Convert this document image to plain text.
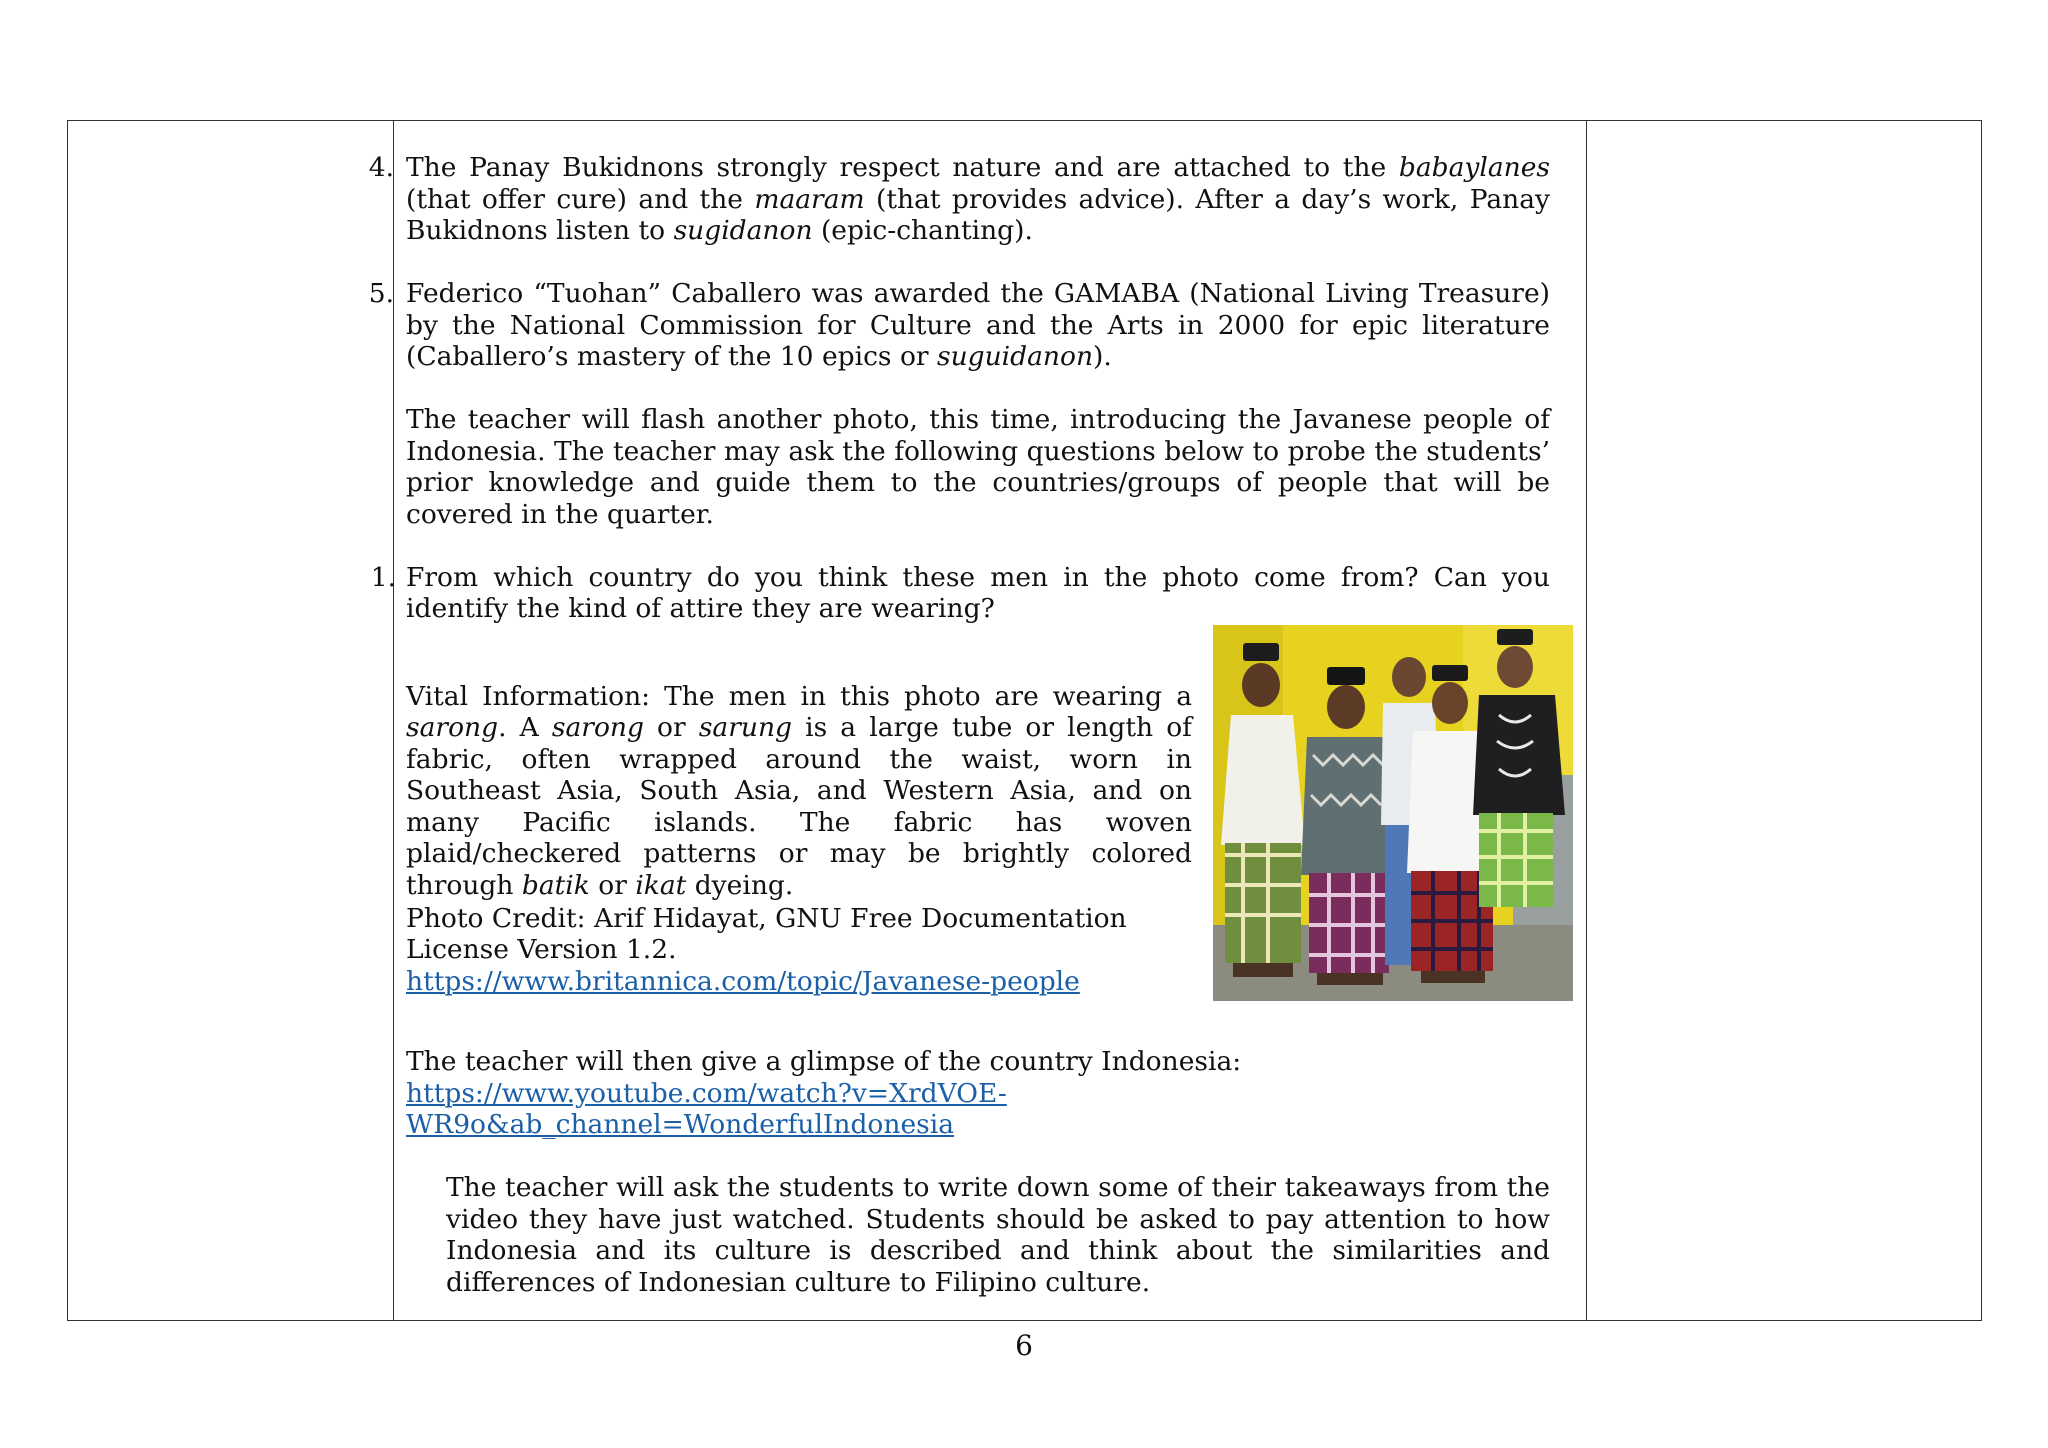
4. The Panay Bukidnons strongly respect nature and are attached to the babaylanes (that offer cure) and the maaram (that provides advice). After a day’s work, Panay Bukidnons listen to sugidanon (epic-chanting).
5. Federico “Tuohan” Caballero was awarded the GAMABA (National Living Treasure) by the National Commission for Culture and the Arts in 2000 for epic literature (Caballero’s mastery of the 10 epics or suguidanon).

The teacher will flash another photo, this time, introducing the Javanese people of Indonesia. The teacher may ask the following questions below to probe the students’ prior knowledge and guide them to the countries/groups of people that will be covered in the quarter.

1. From which country do you think these men in the photo come from? Can you identify the kind of attire they are wearing?

Vital Information: The men in this photo are wearing a sarong. A sarong or sarung is a large tube or length of fabric, often wrapped around the waist, worn in Southeast Asia, South Asia, and Western Asia, and on many Pacific islands. The fabric has woven plaid/checkered patterns or may be brightly colored through batik or ikat dyeing.

Photo Credit: Arif Hidayat, GNU Free Documentation
License Version 1.2.
https://www.britannica.com/topic/Javanese-people

The teacher will then give a glimpse of the country Indonesia:
https://www.youtube.com/watch?v=XrdVOE-WR9o&ab_channel=WonderfulIndonesia

The teacher will ask the students to write down some of their takeaways from the video they have just watched. Students should be asked to pay attention to how Indonesia and its culture is described and think about the similarities and differences of Indonesian culture to Filipino culture.

6
